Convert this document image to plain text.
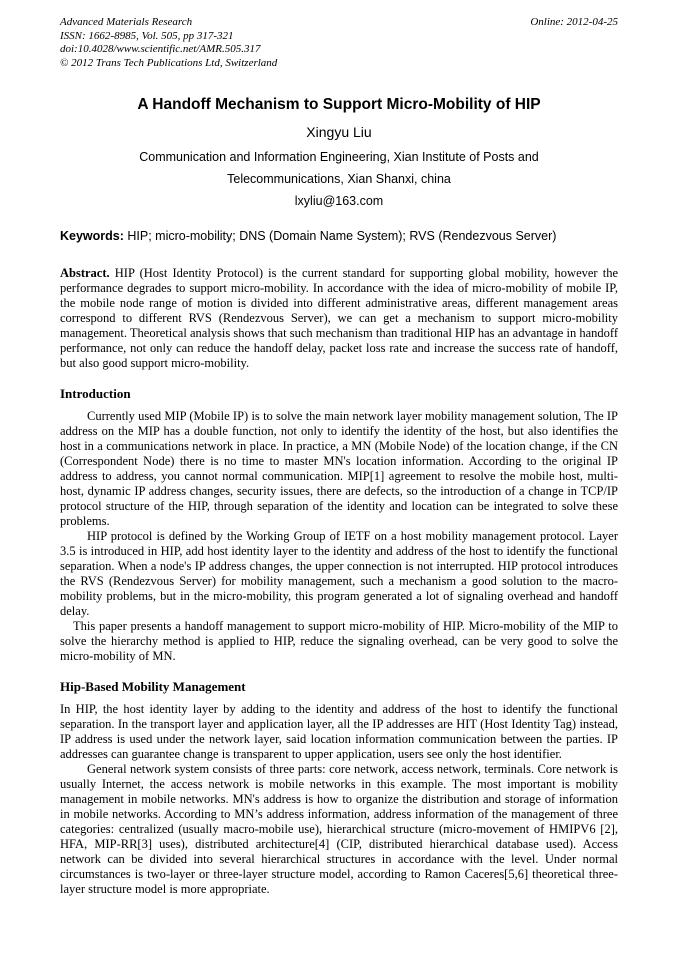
Advanced Materials Research
ISSN: 1662-8985, Vol. 505, pp 317-321
doi:10.4028/www.scientific.net/AMR.505.317
© 2012 Trans Tech Publications Ltd, Switzerland
Online: 2012-04-25
A Handoff Mechanism to Support Micro-Mobility of HIP
Xingyu Liu
Communication and Information Engineering, Xian Institute of Posts and
Telecommunications, Xian Shanxi, china
lxyliu@163.com

Keywords: HIP; micro-mobility; DNS (Domain Name System); RVS (Rendezvous Server)

Abstract. HIP (Host Identity Protocol) is the current standard for supporting global mobility, however the performance degrades to support micro-mobility. In accordance with the idea of micro-mobility of mobile IP, the mobile node range of motion is divided into different administrative areas, different management areas correspond to different RVS (Rendezvous Server), we can get a mechanism to support micro-mobility management. Theoretical analysis shows that such mechanism than traditional HIP has an advantage in handoff performance, not only can reduce the handoff delay, packet loss rate and increase the success rate of handoff, but also good support micro-mobility.

Introduction

Currently used MIP (Mobile IP) is to solve the main network layer mobility management solution, The IP address on the MIP has a double function, not only to identify the identity of the host, but also identifies the host in a communications network in place. In practice, a MN (Mobile Node) of the location change, if the CN (Correspondent Node) there is no time to master MN's location information. According to the original IP address to address, you cannot normal communication. MIP[1] agreement to resolve the mobile host, multi-host, dynamic IP address changes, security issues, there are defects, so the introduction of a change in TCP/IP protocol structure of the HIP, through separation of the identity and location can be integrated to solve these problems.

HIP protocol is defined by the Working Group of IETF on a host mobility management protocol. Layer 3.5 is introduced in HIP, add host identity layer to the identity and address of the host to identify the functional separation. When a node's IP address changes, the upper connection is not interrupted. HIP protocol introduces the RVS (Rendezvous Server) for mobility management, such a mechanism a good solution to the macro-mobility problems, but in the micro-mobility, this program generated a lot of signaling overhead and handoff delay.

This paper presents a handoff management to support micro-mobility of HIP. Micro-mobility of the MIP to solve the hierarchy method is applied to HIP, reduce the signaling overhead, can be very good to solve the micro-mobility of MN.

Hip-Based Mobility Management

In HIP, the host identity layer by adding to the identity and address of the host to identify the functional separation. In the transport layer and application layer, all the IP addresses are HIT (Host Identity Tag) instead, IP address is used under the network layer, said location information communication between the parties. IP addresses can guarantee change is transparent to upper application, users see only the host identifier.

General network system consists of three parts: core network, access network, terminals. Core network is usually Internet, the access network is mobile networks in this example. The most important is mobility management in mobile networks. MN's address is how to organize the distribution and storage of information in mobile networks. According to MN’s address information, address information of the management of three categories: centralized (usually macro-mobile use), hierarchical structure (micro-movement of HMIPV6 [2], HFA, MIP-RR[3] uses), distributed architecture[4] (CIP, distributed hierarchical database used). Access network can be divided into several hierarchical structures in accordance with the level. Under normal circumstances is two-layer or three-layer structure model, according to Ramon Caceres[5,6] theoretical three-layer structure model is more appropriate.
